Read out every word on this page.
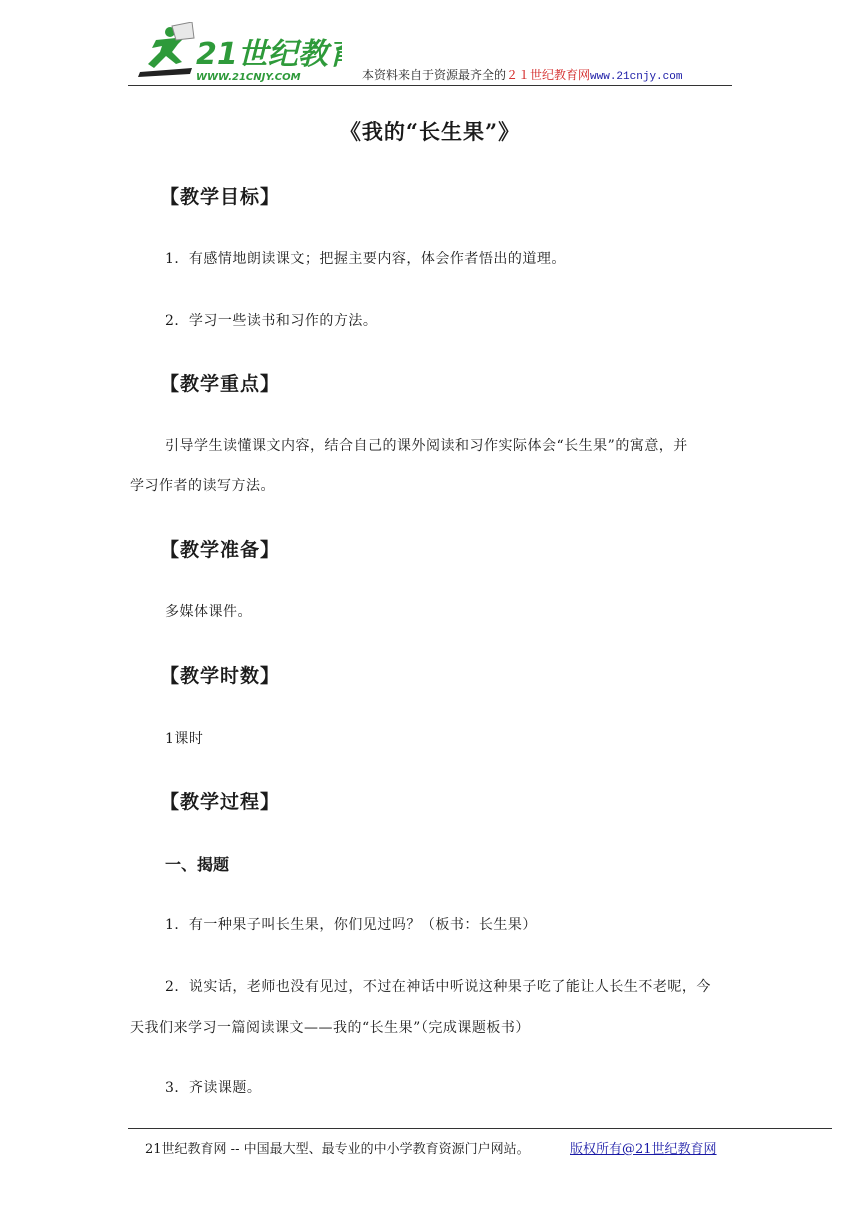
21世纪教育
WWW.21CNJY.COM	本资料来自于资源最齐全的２１世纪教育网www.21cnjy.com
《我的“长生果”》
【教学目标】
1．有感情地朗读课文；把握主要内容，体会作者悟出的道理。
2．学习一些读书和习作的方法。
【教学重点】
引导学生读懂课文内容，结合自己的课外阅读和习作实际体会“长生果”的寓意，并
学习作者的读写方法。
【教学准备】
多媒体课件。
【教学时数】
1课时
【教学过程】
一、揭题
1．有一种果子叫长生果，你们见过吗？（板书：长生果）
2．说实话，老师也没有见过，不过在神话中听说这种果子吃了能让人长生不老呢，今
天我们来学习一篇阅读课文——我的“长生果”（完成课题板书）
3．齐读课题。
21世纪教育网 -- 中国最大型、最专业的中小学教育资源门户网站。	版权所有@21世纪教育网
